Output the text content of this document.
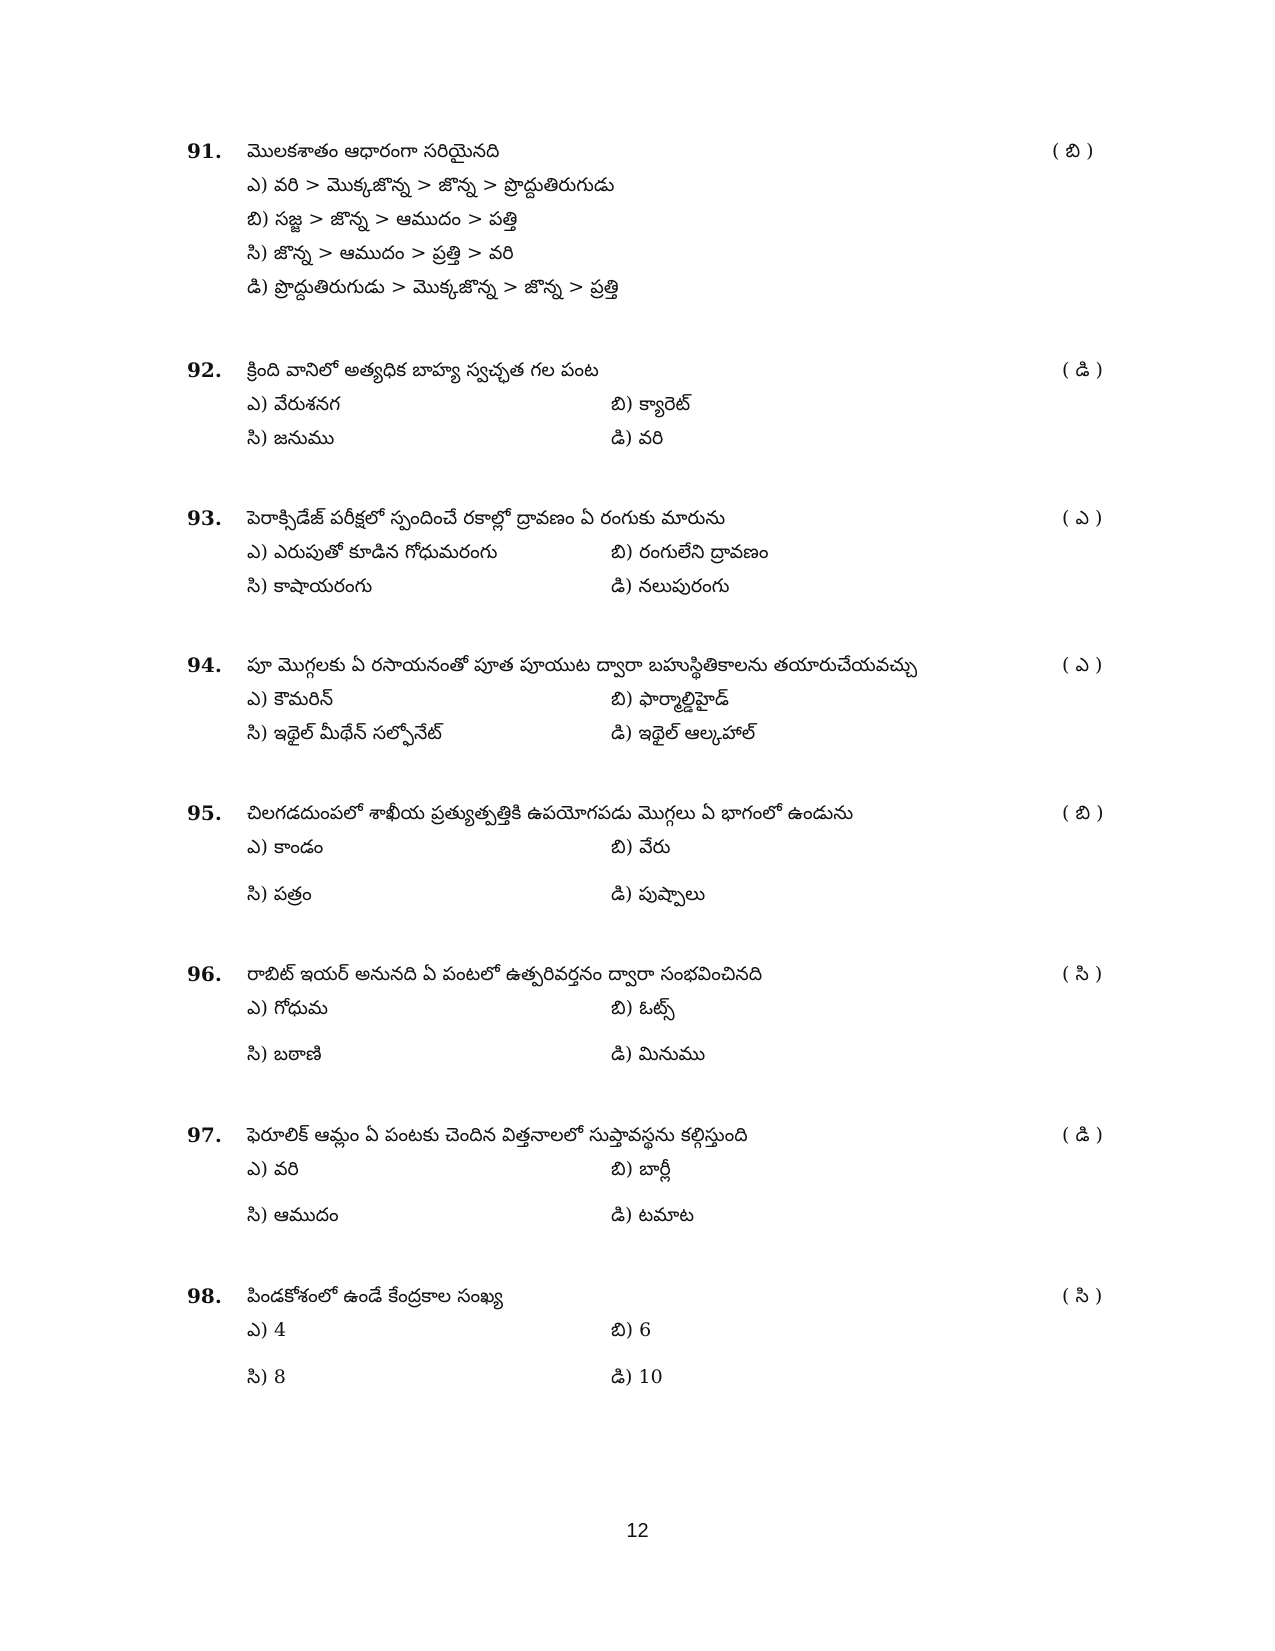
91. మొలకశాతం ఆధారంగా సరియైనది	( బి )
ఎ) వరి > మొక్కజొన్న > జొన్న > ప్రొద్దుతిరుగుడు
బి) సజ్జ > జొన్న > ఆముదం > పత్తి
సి) జొన్న > ఆముదం > ప్రత్తి > వరి
డి) ప్రొద్దుతిరుగుడు > మొక్కజొన్న > జొన్న > ప్రత్తి
92. క్రింది వానిలో అత్యధిక బాహ్య స్వచ్ఛత గల పంట	( డి )
ఎ) వేరుశనగ	బి) క్యారెట్
సి) జనుము	డి) వరి
93. పెరాక్సిడేజ్ పరీక్షలో స్పందించే రకాల్లో ద్రావణం ఏ రంగుకు మారును	( ఎ )
ఎ) ఎరుపుతో కూడిన గోధుమరంగు	బి) రంగులేని ద్రావణం
సి) కాషాయరంగు	డి) నలుపురంగు
94. పూ మొగ్గలకు ఏ రసాయనంతో పూత పూయుట ద్వారా బహుస్థితికాలను తయారుచేయవచ్చు	( ఎ )
ఎ) కౌమరిన్	బి) ఫార్మాల్డిహైడ్
సి) ఇథైల్ మీథేన్ సల్ఫోనేట్	డి) ఇథైల్ ఆల్కహాల్
95. చిలగడదుంపలో శాఖీయ ప్రత్యుత్పత్తికి ఉపయోగపడు మొగ్గలు ఏ భాగంలో ఉండును	( బి )
ఎ) కాండం	బి) వేరు
సి) పత్రం	డి) పుష్పాలు
96. రాబిట్ ఇయర్ అనునది ఏ పంటలో ఉత్పరివర్తనం ద్వారా సంభవించినది	( సి )
ఎ) గోధుమ	బి) ఓట్స్
సి) బఠాణి	డి) మినుము
97. ఫెరూలిక్ ఆమ్లం ఏ పంటకు చెందిన విత్తనాలలో సుప్తావస్థను కల్గిస్తుంది	( డి )
ఎ) వరి	బి) బార్లీ
సి) ఆముదం	డి) టమాట
98. పిండకోశంలో ఉండే కేంద్రకాల సంఖ్య	( సి )
ఎ) 4	బి) 6
సి) 8	డి) 10
12
